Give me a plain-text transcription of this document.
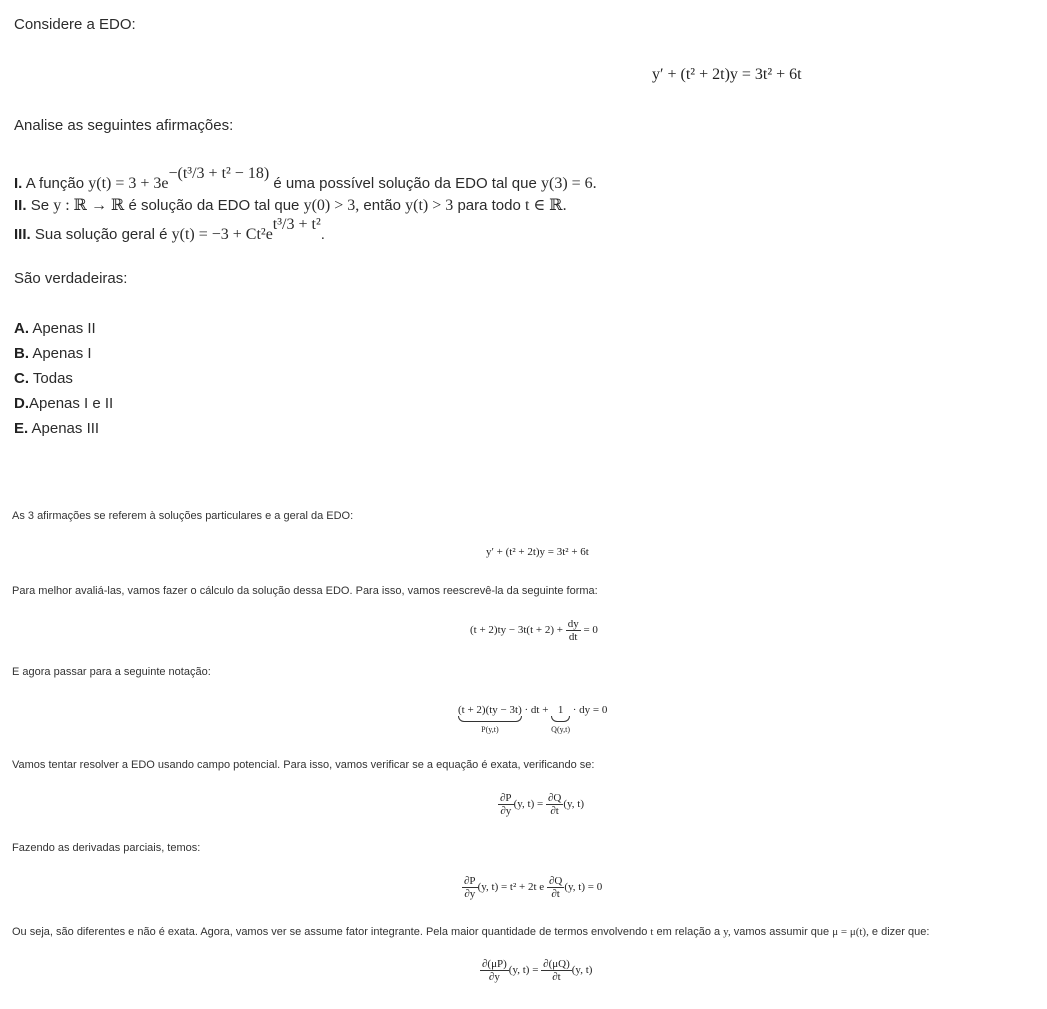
Considere a EDO:
y′ + (t² + 2t)y = 3t² + 6t
Analise as seguintes afirmações:
I. A função $y(t) = 3 + 3e^{-(t^3/3 + t^2 - 18)}$ é uma possível solução da EDO tal que y(3) = 6.
II. Se y : ℝ → ℝ é solução da EDO tal que y(0) > 3, então y(t) > 3 para todo t ∈ ℝ.
III. Sua solução geral é $y(t) = -3 + Ct^2e^{t^3/3 + t^2}$.
São verdadeiras:
A. Apenas II
B. Apenas I
C. Todas
D.Apenas I e II
E. Apenas III
As 3 afirmações se referem à soluções particulares e a geral da EDO:
y′ + (t² + 2t)y = 3t² + 6t
Para melhor avaliá-las, vamos fazer o cálculo da solução dessa EDO. Para isso, vamos reescrevê-la da seguinte forma:
$(t + 2)ty - 3t(t + 2) + \frac{dy}{dt} = 0$
E agora passar para a seguinte notação:
(t + 2)(ty − 3t)
P(y,t)
· dt + 1
Q(y,t)
· dy = 0
Vamos tentar resolver a EDO usando campo potencial. Para isso, vamos verificar se a equação é exata, verificando se:
$\frac{\partial P}{\partial y} (y$, $t) = \frac{\partial Q}{\partial t} (y$, t)
Fazendo as derivadas parciais, temos:
$\frac{\partial P}{\partial y} (y$, t) = t² + 2t e $\frac{\partial Q}{\partial t} (y$, t) = 0
Ou seja, são diferentes e não é exata. Agora, vamos ver se assume fator integrante. Pela maior quantidade de termos envolvendo t em relação a y, vamos assumir que μ = μ(t), e dizer que:
$\frac{\partial(\mu P)}{\partial y} (y$, $t) = \frac{\partial(\mu Q)}{\partial t} (y$, t)
